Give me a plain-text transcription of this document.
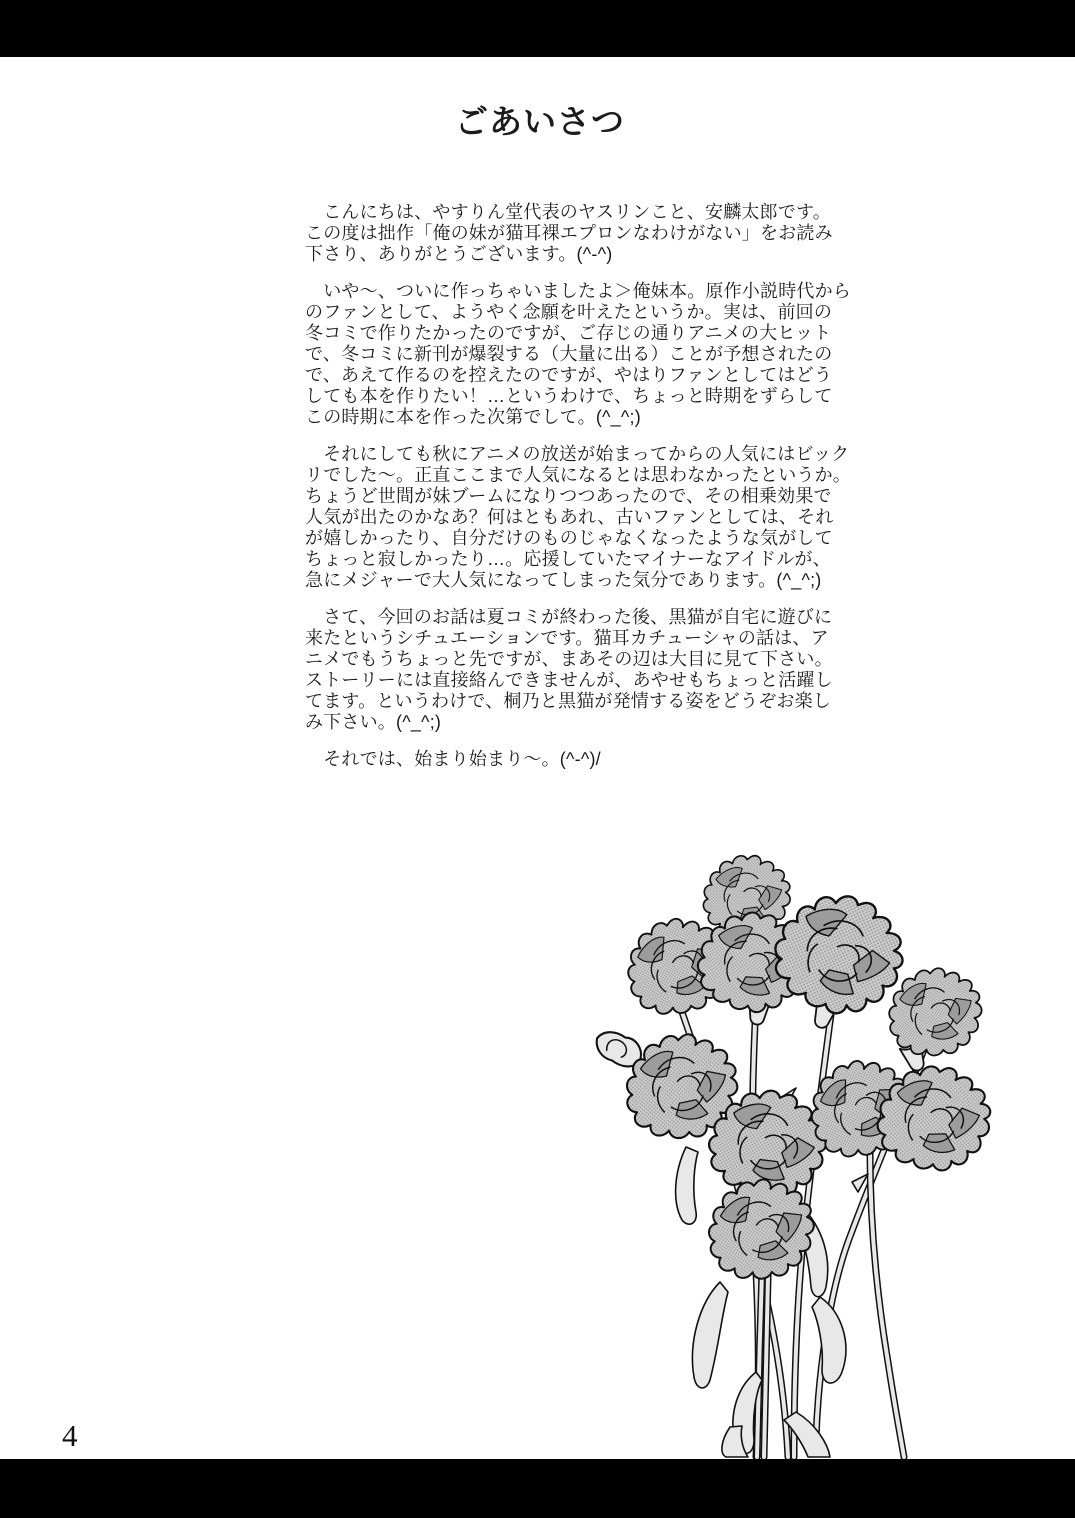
ごあいさつ
　こんにちは、やすりん堂代表のヤスリンこと、安麟太郎です。
この度は拙作「俺の妹が猫耳裸エプロンなわけがない」をお読み
下さり、ありがとうございます。(^-^)
　いや〜、ついに作っちゃいましたよ＞俺妹本。原作小説時代から
のファンとして、ようやく念願を叶えたというか。実は、前回の
冬コミで作りたかったのですが、ご存じの通りアニメの大ヒット
で、冬コミに新刊が爆裂する（大量に出る）ことが予想されたの
で、あえて作るのを控えたのですが、やはりファンとしてはどう
しても本を作りたい！…というわけで、ちょっと時期をずらして
この時期に本を作った次第でして。(^_^;)
　それにしても秋にアニメの放送が始まってからの人気にはビック
リでした〜。正直ここまで人気になるとは思わなかったというか。
ちょうど世間が妹ブームになりつつあったので、その相乗効果で
人気が出たのかなあ？何はともあれ、古いファンとしては、それ
が嬉しかったり、自分だけのものじゃなくなったような気がして
ちょっと寂しかったり…。応援していたマイナーなアイドルが、
急にメジャーで大人気になってしまった気分であります。(^_^;)
　さて、今回のお話は夏コミが終わった後、黒猫が自宅に遊びに
来たというシチュエーションです。猫耳カチューシャの話は、ア
ニメでもうちょっと先ですが、まあその辺は大目に見て下さい。
ストーリーには直接絡んできませんが、あやせもちょっと活躍し
てます。というわけで、桐乃と黒猫が発情する姿をどうぞお楽し
み下さい。(^_^;)
　それでは、始まり始まり〜。(^-^)/
4
